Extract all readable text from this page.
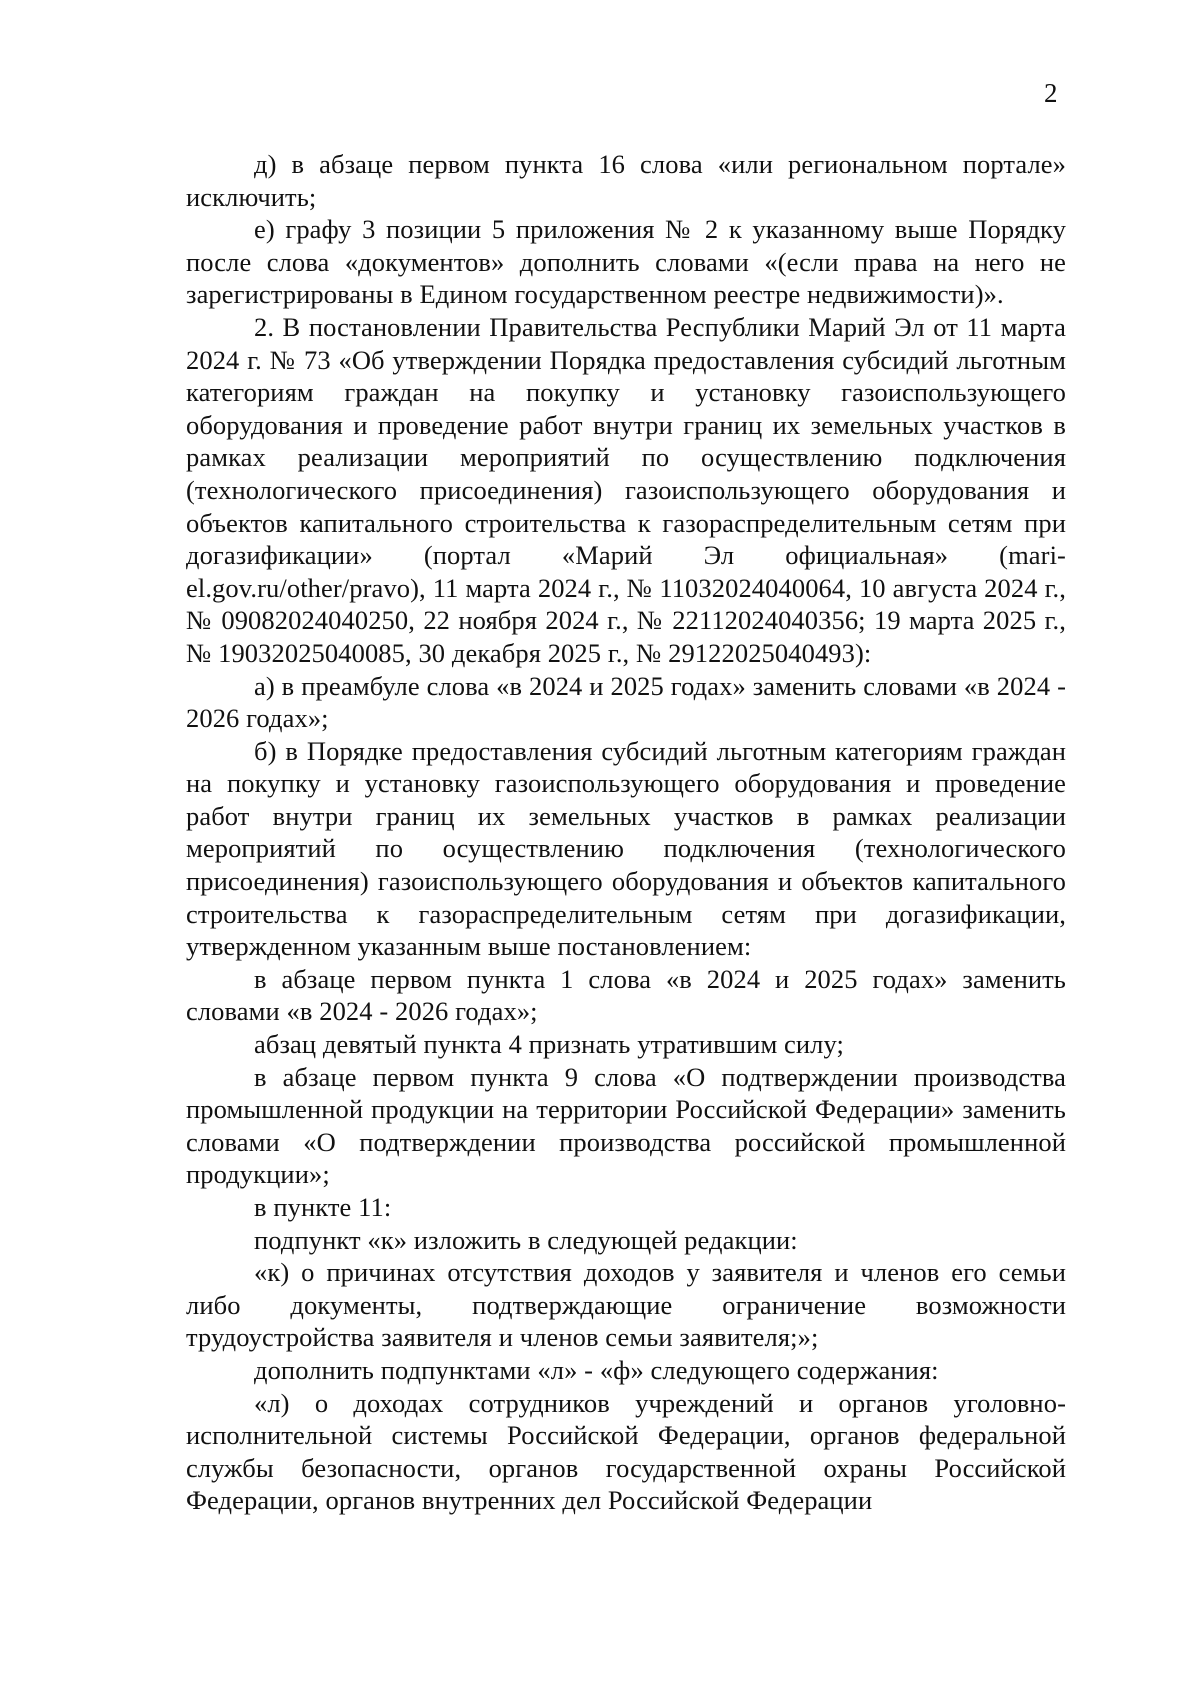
2

д) в абзаце первом пункта 16 слова «или региональном портале» исключить;

е) графу 3 позиции 5 приложения № 2 к указанному выше Порядку после слова «документов» дополнить словами «(если права на него не зарегистрированы в Едином государственном реестре недвижимости)».

2. В постановлении Правительства Республики Марий Эл от 11 марта 2024 г. № 73 «Об утверждении Порядка предоставления субсидий льготным категориям граждан на покупку и установку газоиспользующего оборудования и проведение работ внутри границ их земельных участков в рамках реализации мероприятий по осуществлению подключения (технологического присоединения) газоиспользующего оборудования и объектов капитального строительства к газораспределительным сетям при догазификации» (портал «Марий Эл официальная» (mari-el.gov.ru/other/pravo), 11 марта 2024 г., № 11032024040064, 10 августа 2024 г., № 09082024040250, 22 ноября 2024 г., № 22112024040356; 19 марта 2025 г., № 19032025040085, 30 декабря 2025 г., № 29122025040493):

а) в преамбуле слова «в 2024 и 2025 годах» заменить словами «в 2024 - 2026 годах»;

б) в Порядке предоставления субсидий льготным категориям граждан на покупку и установку газоиспользующего оборудования и проведение работ внутри границ их земельных участков в рамках реализации мероприятий по осуществлению подключения (технологического присоединения) газоиспользующего оборудования и объектов капитального строительства к газораспределительным сетям при догазификации, утвержденном указанным выше постановлением:

в абзаце первом пункта 1 слова «в 2024 и 2025 годах» заменить словами «в 2024 - 2026 годах»;

абзац девятый пункта 4 признать утратившим силу;

в абзаце первом пункта 9 слова «О подтверждении производства промышленной продукции на территории Российской Федерации» заменить словами «О подтверждении производства российской промышленной продукции»;

в пункте 11:

подпункт «к» изложить в следующей редакции:

«к) о причинах отсутствия доходов у заявителя и членов его семьи либо документы, подтверждающие ограничение возможности трудоустройства заявителя и членов семьи заявителя;»;

дополнить подпунктами «л» - «ф» следующего содержания:

«л) о доходах сотрудников учреждений и органов уголовно-исполнительной системы Российской Федерации, органов федеральной службы безопасности, органов государственной охраны Российской Федерации, органов внутренних дел Российской Федерации
